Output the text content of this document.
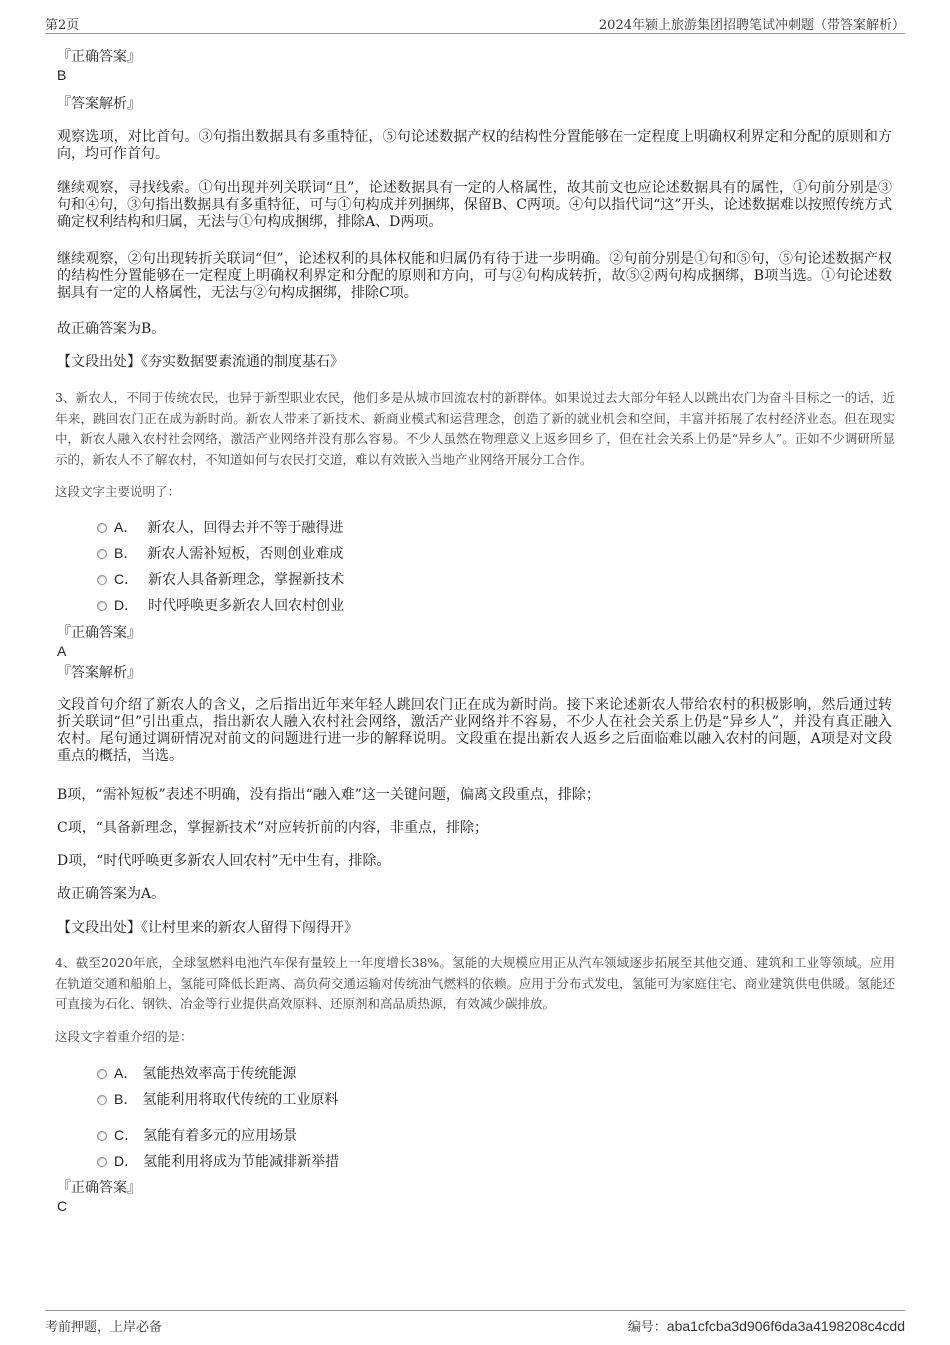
第2页	2024年颍上旅游集团招聘笔试冲刺题（带答案解析）
『正确答案』
B
『答案解析』
观察选项，对比首句。③句指出数据具有多重特征，⑤句论述数据产权的结构性分置能够在一定程度上明确权利界定和分配的原则和方向，均可作首句。
继续观察，寻找线索。①句出现并列关联词“且”，论述数据具有一定的人格属性，故其前文也应论述数据具有的属性，①句前分别是③句和④句，③句指出数据具有多重特征，可与①句构成并列捆绑，保留B、C两项。④句以指代词“这”开头，论述数据难以按照传统方式确定权利结构和归属，无法与①句构成捆绑，排除A、D两项。
继续观察，②句出现转折关联词“但”，论述权利的具体权能和归属仍有待于进一步明确。②句前分别是①句和⑤句，⑤句论述数据产权的结构性分置能够在一定程度上明确权利界定和分配的原则和方向，可与②句构成转折，故⑤②两句构成捆绑，B项当选。①句论述数据具有一定的人格属性，无法与②句构成捆绑，排除C项。
故正确答案为B。
【文段出处】《夯实数据要素流通的制度基石》
3、新农人，不同于传统农民，也异于新型职业农民，他们多是从城市回流农村的新群体。如果说过去大部分年轻人以跳出农门为奋斗目标之一的话，近年来，跳回农门正在成为新时尚。新农人带来了新技术、新商业模式和运营理念，创造了新的就业机会和空间，丰富并拓展了农村经济业态。但在现实中，新农人融入农村社会网络，激活产业网络并没有那么容易。不少人虽然在物理意义上返乡回乡了，但在社会关系上仍是“异乡人”。正如不少调研所显示的，新农人不了解农村，不知道如何与农民打交道，难以有效嵌入当地产业网络开展分工合作。
这段文字主要说明了：
A． 新农人，回得去并不等于融得进
B． 新农人需补短板，否则创业难成
C． 新农人具备新理念，掌握新技术
D． 时代呼唤更多新农人回农村创业
『正确答案』
A
『答案解析』
文段首句介绍了新农人的含义，之后指出近年来年轻人跳回农门正在成为新时尚。接下来论述新农人带给农村的积极影响，然后通过转折关联词“但”引出重点，指出新农人融入农村社会网络，激活产业网络并不容易，不少人在社会关系上仍是“异乡人”，并没有真正融入农村。尾句通过调研情况对前文的问题进行进一步的解释说明。文段重在提出新农人返乡之后面临难以融入农村的问题，A项是对文段重点的概括，当选。
B项，“需补短板”表述不明确，没有指出“融入难”这一关键问题，偏离文段重点，排除；
C项，“具备新理念，掌握新技术”对应转折前的内容，非重点，排除；
D项，“时代呼唤更多新农人回农村”无中生有，排除。
故正确答案为A。
【文段出处】《让村里来的新农人留得下闯得开》
4、截至2020年底，全球氢燃料电池汽车保有量较上一年度增长38%。氢能的大规模应用正从汽车领域逐步拓展至其他交通、建筑和工业等领域。应用在轨道交通和船舶上，氢能可降低长距离、高负荷交通运输对传统油气燃料的依赖。应用于分布式发电，氢能可为家庭住宅、商业建筑供电供暖。氢能还可直接为石化、钢铁、冶金等行业提供高效原料、还原剂和高品质热源，有效减少碳排放。
这段文字着重介绍的是：
A． 氢能热效率高于传统能源
B． 氢能利用将取代传统的工业原料
C． 氢能有着多元的应用场景
D． 氢能利用将成为节能减排新举措
『正确答案』
C
考前押题，上岸必备	编号：aba1cfcba3d906f6da3a4198208c4cdd
